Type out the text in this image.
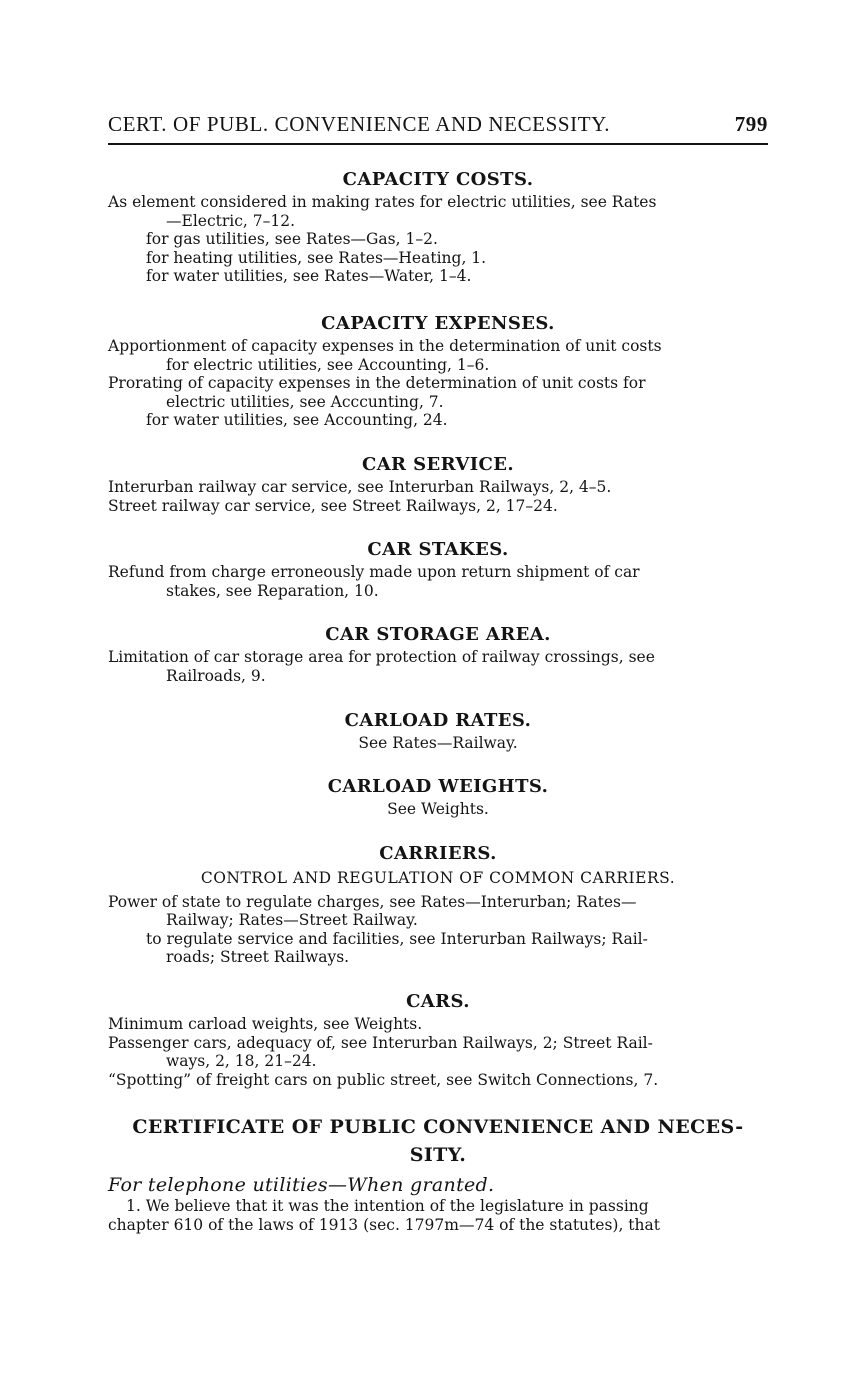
CERT. OF PUBL. CONVENIENCE AND NECESSITY.	799
CAPACITY COSTS.
As element considered in making rates for electric utilities, see Rates
—Electric, 7–12.
for gas utilities, see Rates—Gas, 1–2.
for heating utilities, see Rates—Heating, 1.
for water utilities, see Rates—Water, 1–4.
CAPACITY EXPENSES.
Apportionment of capacity expenses in the determination of unit costs
for electric utilities, see Accounting, 1–6.
Prorating of capacity expenses in the determination of unit costs for
electric utilities, see Acccunting, 7.
for water utilities, see Accounting, 24.
CAR SERVICE.
Interurban railway car service, see Interurban Railways, 2, 4–5.
Street railway car service, see Street Railways, 2, 17–24.
CAR STAKES.
Refund from charge erroneously made upon return shipment of car
stakes, see Reparation, 10.
CAR STORAGE AREA.
Limitation of car storage area for protection of railway crossings, see
Railroads, 9.
CARLOAD RATES.
See Rates—Railway.
CARLOAD WEIGHTS.
See Weights.
CARRIERS.
CONTROL AND REGULATION OF COMMON CARRIERS.
Power of state to regulate charges, see Rates—Interurban; Rates—
Railway; Rates—Street Railway.
to regulate service and facilities, see Interurban Railways; Rail-
roads; Street Railways.
CARS.
Minimum carload weights, see Weights.
Passenger cars, adequacy of, see Interurban Railways, 2; Street Rail-
ways, 2, 18, 21–24.
“Spotting” of freight cars on public street, see Switch Connections, 7.
CERTIFICATE OF PUBLIC CONVENIENCE AND NECES-
SITY.
For telephone utilities—When granted.
1. We believe that it was the intention of the legislature in passing
chapter 610 of the laws of 1913 (sec. 1797m—74 of the statutes), that
